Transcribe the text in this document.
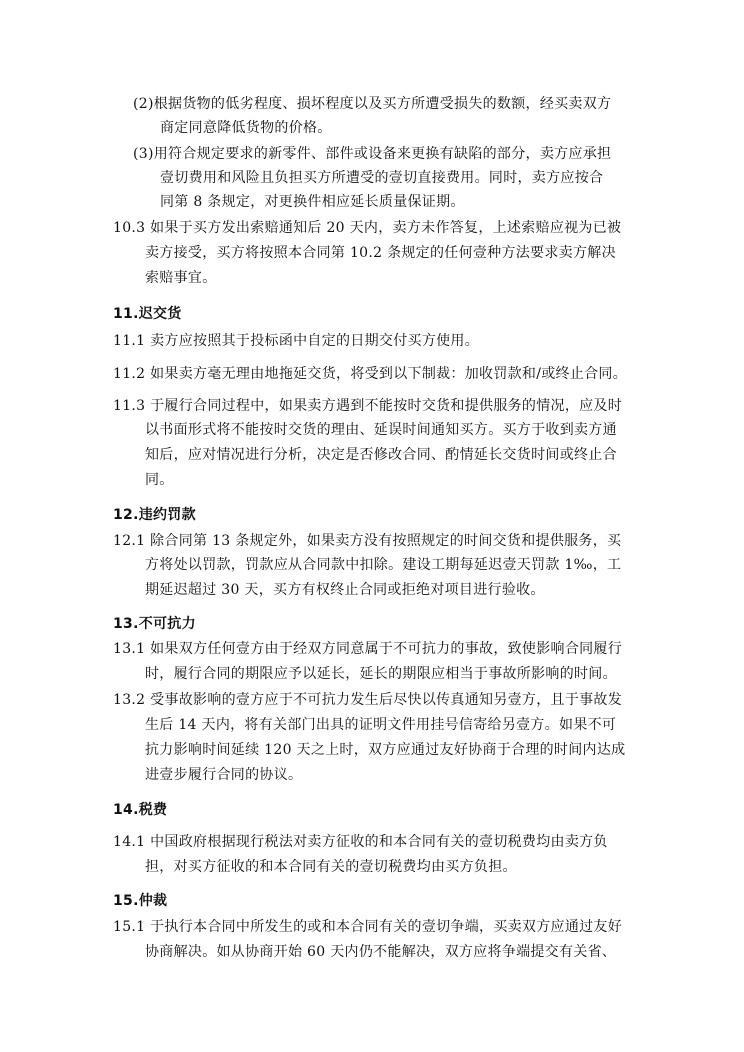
(2)根据货物的低劣程度、损坏程度以及买方所遭受损失的数额，经买卖双方
商定同意降低货物的价格。
(3)用符合规定要求的新零件、部件或设备来更换有缺陷的部分，卖方应承担
壹切费用和风险且负担买方所遭受的壹切直接费用。同时，卖方应按合
同第 8 条规定，对更换件相应延长质量保证期。
10.3 如果于买方发出索赔通知后 20 天内，卖方未作答复，上述索赔应视为已被
卖方接受，买方将按照本合同第 10.2 条规定的任何壹种方法要求卖方解决
索赔事宜。
11.迟交货
11.1 卖方应按照其于投标函中自定的日期交付买方使用。
11.2 如果卖方毫无理由地拖延交货，将受到以下制裁：加收罚款和/或终止合同。
11.3 于履行合同过程中，如果卖方遇到不能按时交货和提供服务的情况，应及时
以书面形式将不能按时交货的理由、延误时间通知买方。买方于收到卖方通
知后，应对情况进行分析，决定是否修改合同、酌情延长交货时间或终止合
同。
12.违约罚款
12.1 除合同第 13 条规定外，如果卖方没有按照规定的时间交货和提供服务，买
方将处以罚款，罚款应从合同款中扣除。建设工期每延迟壹天罚款 1‰，工
期延迟超过 30 天，买方有权终止合同或拒绝对项目进行验收。
13.不可抗力
13.1 如果双方任何壹方由于经双方同意属于不可抗力的事故，致使影响合同履行
时，履行合同的期限应予以延长，延长的期限应相当于事故所影响的时间。
13.2 受事故影响的壹方应于不可抗力发生后尽快以传真通知另壹方，且于事故发
生后 14 天内，将有关部门出具的证明文件用挂号信寄给另壹方。如果不可
抗力影响时间延续 120 天之上时，双方应通过友好协商于合理的时间内达成
进壹步履行合同的协议。
14.税费
14.1 中国政府根据现行税法对卖方征收的和本合同有关的壹切税费均由卖方负
担，对买方征收的和本合同有关的壹切税费均由买方负担。
15.仲裁
15.1 于执行本合同中所发生的或和本合同有关的壹切争端，买卖双方应通过友好
协商解决。如从协商开始 60 天内仍不能解决，双方应将争端提交有关省、
